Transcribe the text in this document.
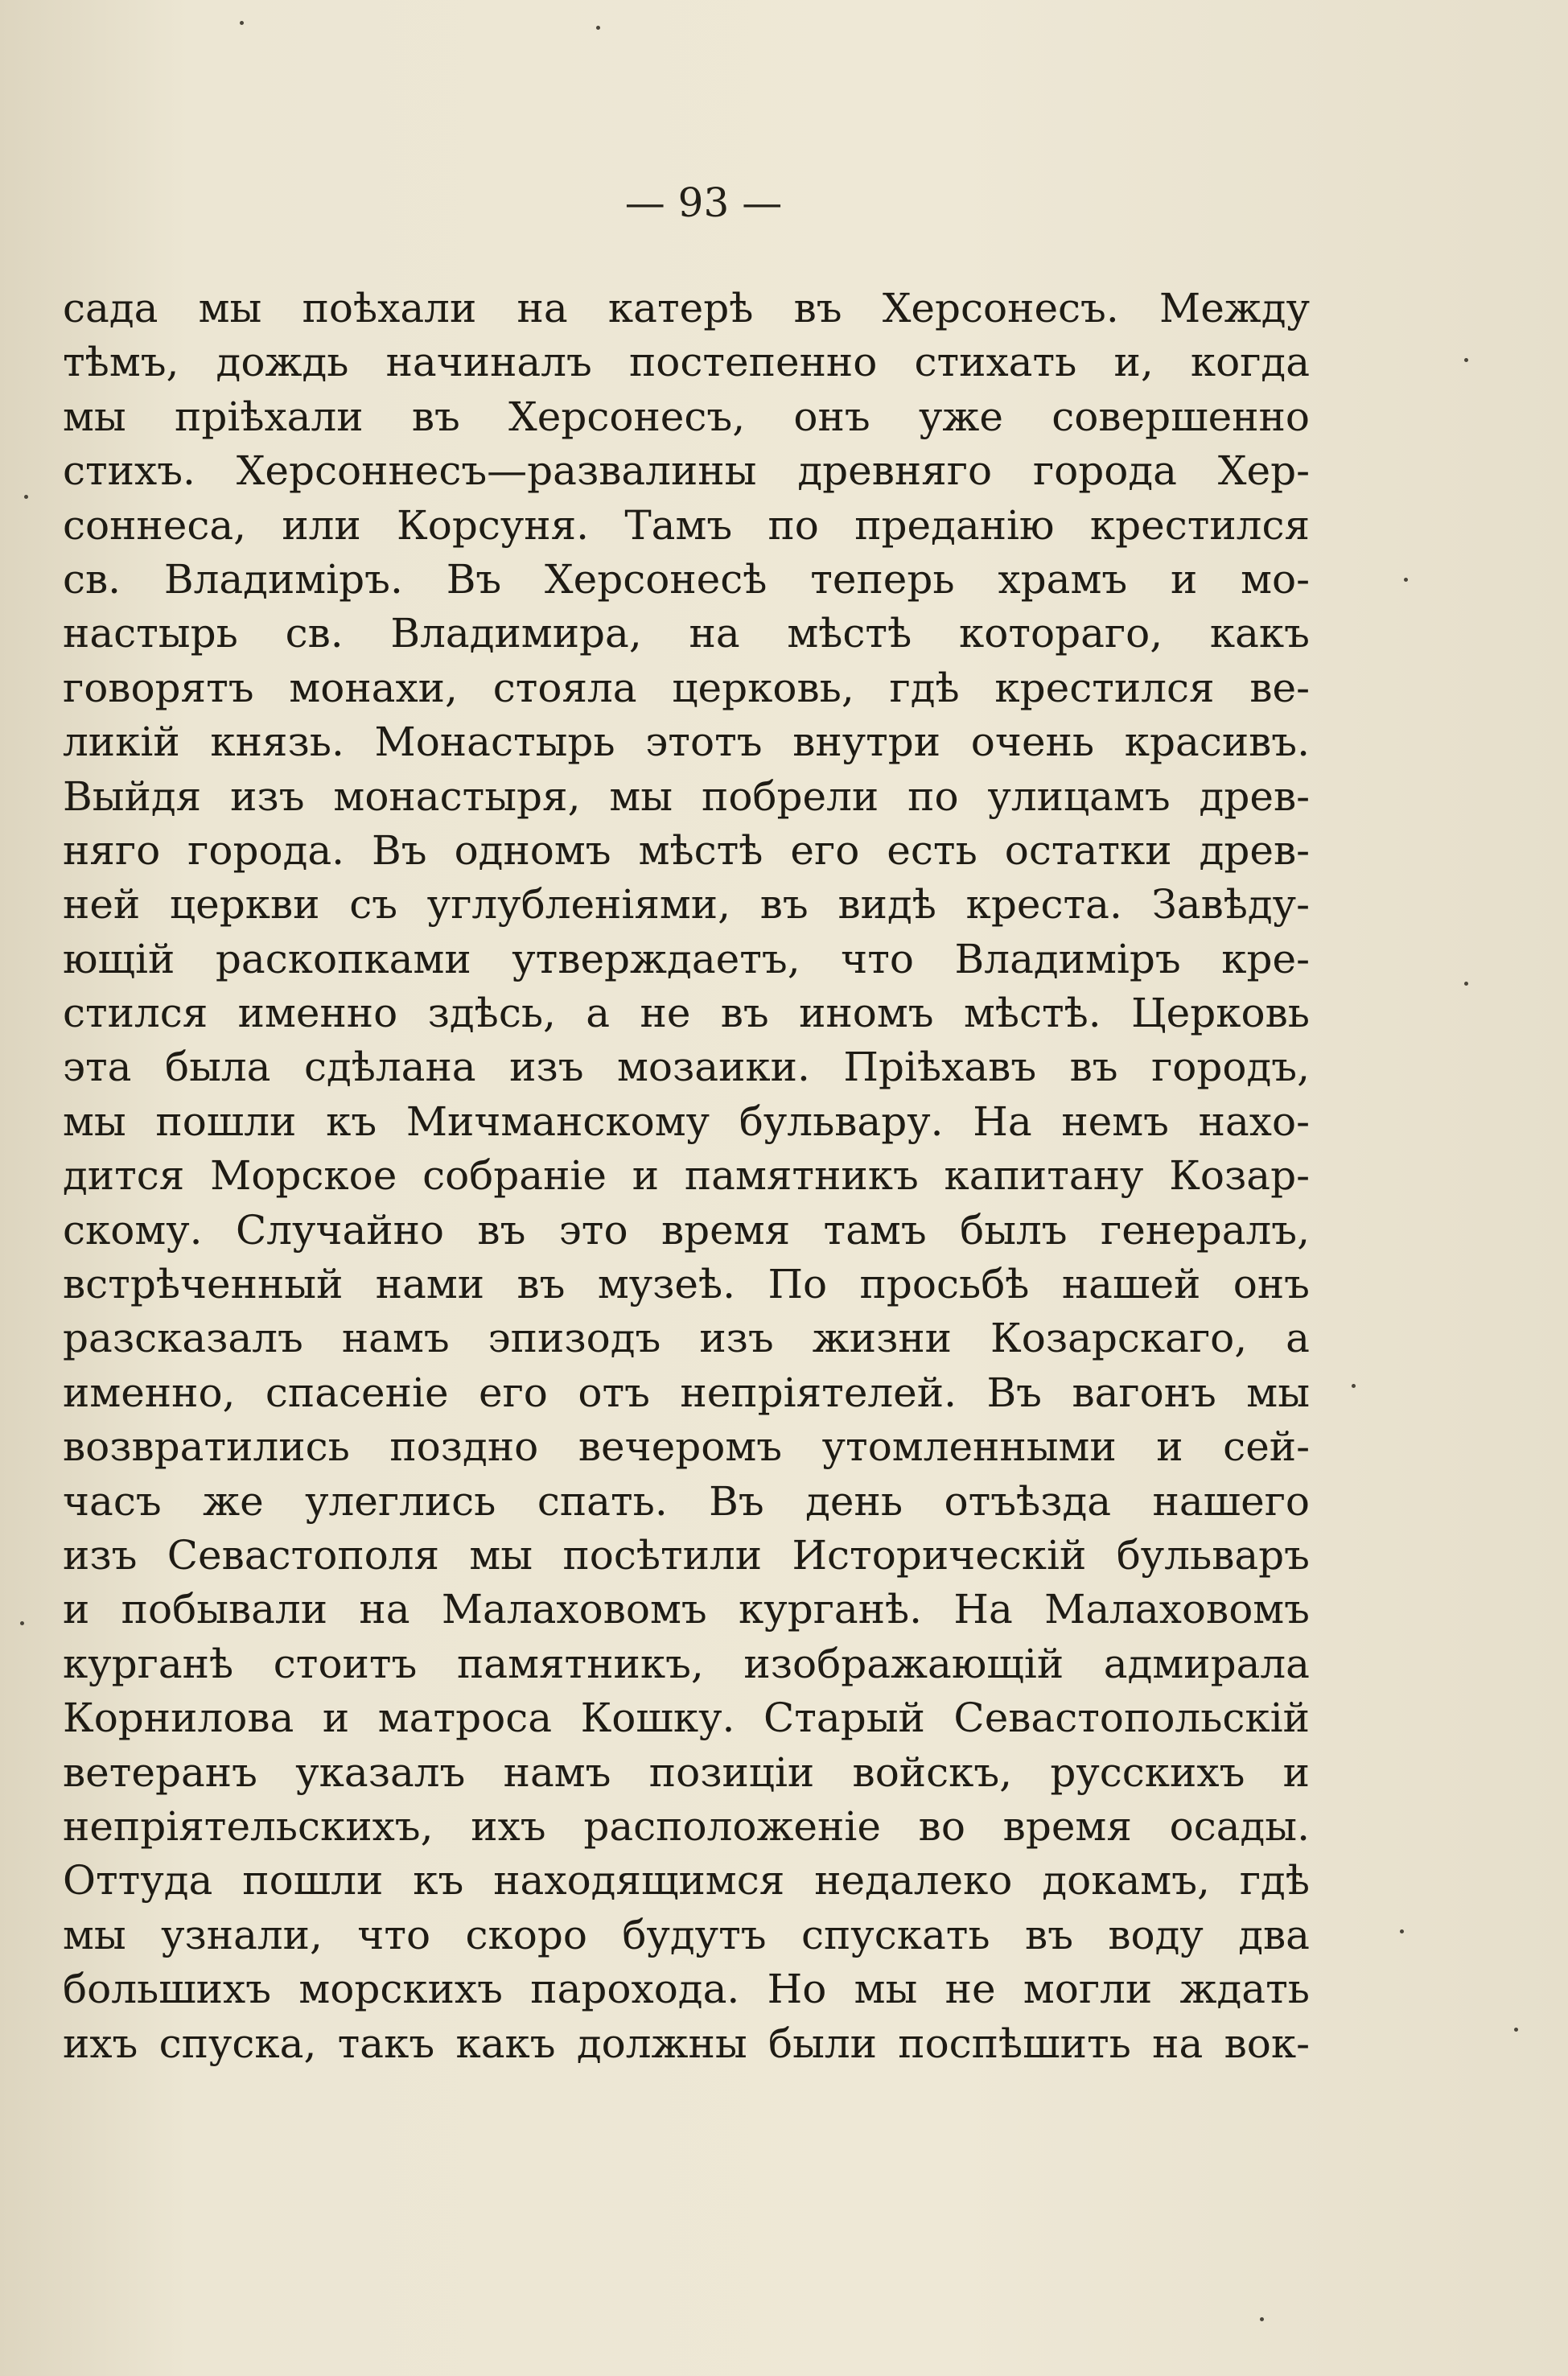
— 93 —
сада мы поѣхали на катерѣ въ Херсонесъ. Между
тѣмъ, дождь начиналъ постепенно стихать и, когда
мы пріѣхали въ Херсонесъ, онъ уже совершенно
стихъ. Херсоннесъ—развалины древняго города Хер-
соннеса, или Корсуня. Тамъ по преданію крестился
св. Владиміръ. Въ Херсонесѣ теперь храмъ и мо-
настырь св. Владимира, на мѣстѣ котораго, какъ
говорятъ монахи, стояла церковь, гдѣ крестился ве-
ликій князь. Монастырь этотъ внутри очень красивъ.
Выйдя изъ монастыря, мы побрели по улицамъ древ-
няго города. Въ одномъ мѣстѣ его есть остатки древ-
ней церкви съ углубленіями, въ видѣ креста. Завѣду-
ющій раскопками утверждаетъ, что Владиміръ кре-
стился именно здѣсь, а не въ иномъ мѣстѣ. Церковь
эта была сдѣлана изъ мозаики. Пріѣхавъ въ городъ,
мы пошли къ Мичманскому бульвару. На немъ нахо-
дится Морское собраніе и памятникъ капитану Козар-
скому. Случайно въ это время тамъ былъ генералъ,
встрѣченный нами въ музеѣ. По просьбѣ нашей онъ
разсказалъ намъ эпизодъ изъ жизни Козарскаго, а
именно, спасеніе его отъ непріятелей. Въ вагонъ мы
возвратились поздно вечеромъ утомленными и сей-
часъ же улеглись спать. Въ день отъѣзда нашего
изъ Севастополя мы посѣтили Историческій бульваръ
и побывали на Малаховомъ курганѣ. На Малаховомъ
курганѣ стоитъ памятникъ, изображающій адмирала
Корнилова и матроса Кошку. Старый Севастопольскій
ветеранъ указалъ намъ позиціи войскъ, русскихъ и
непріятельскихъ, ихъ расположеніе во время осады.
Оттуда пошли къ находящимся недалеко докамъ, гдѣ
мы узнали, что скоро будутъ спускать въ воду два
большихъ морскихъ парохода. Но мы не могли ждать
ихъ спуска, такъ какъ должны были поспѣшить на вок-
